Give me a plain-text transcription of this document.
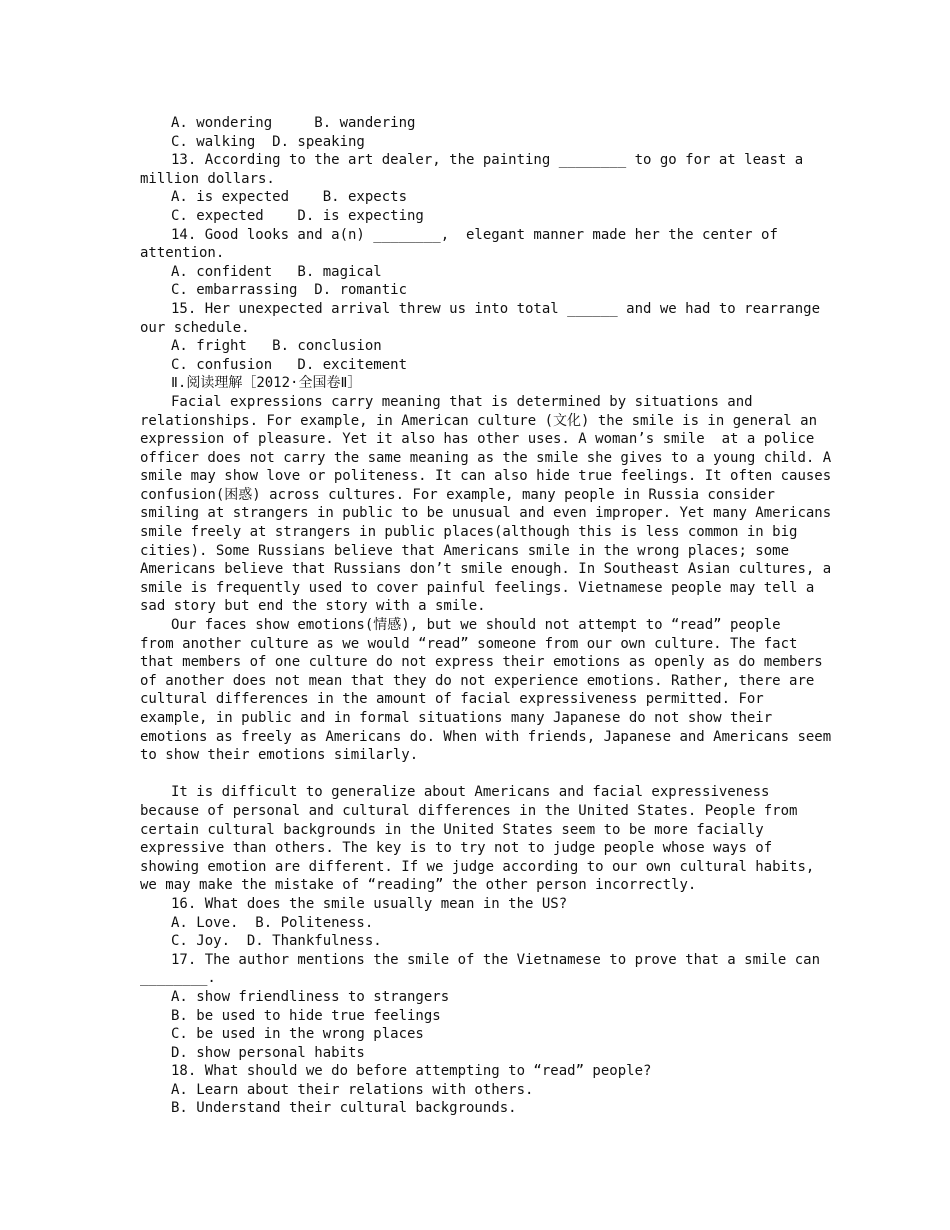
A. wondering     B. wandering
C. walking  D. speaking
13. According to the art dealer, the painting ________ to go for at least a
million dollars.
A. is expected    B. expects
C. expected    D. is expecting
14. Good looks and a(n) ________,  elegant manner made her the center of
attention.
A. confident   B. magical
C. embarrassing  D. romantic
15. Her unexpected arrival threw us into total ______ and we had to rearrange
our schedule.
A. fright   B. conclusion
C. confusion   D. excitement
Ⅱ.阅读理解［2012·全国卷Ⅱ］
Facial expressions carry meaning that is determined by situations and
relationships. For example, in American culture (文化) the smile is in general an
expression of pleasure. Yet it also has other uses. A woman’s smile  at a police
officer does not carry the same meaning as the smile she gives to a young child. A
smile may show love or politeness. It can also hide true feelings. It often causes
confusion(困惑) across cultures. For example, many people in Russia consider
smiling at strangers in public to be unusual and even improper. Yet many Americans
smile freely at strangers in public places(although this is less common in big
cities). Some Russians believe that Americans smile in the wrong places; some
Americans believe that Russians don’t smile enough. In Southeast Asian cultures, a
smile is frequently used to cover painful feelings. Vietnamese people may tell a
sad story but end the story with a smile.
Our faces show emotions(情感), but we should not attempt to “read” people
from another culture as we would “read” someone from our own culture. The fact
that members of one culture do not express their emotions as openly as do members
of another does not mean that they do not experience emotions. Rather, there are
cultural differences in the amount of facial expressiveness permitted. For
example, in public and in formal situations many Japanese do not show their
emotions as freely as Americans do. When with friends, Japanese and Americans seem
to show their emotions similarly.
It is difficult to generalize about Americans and facial expressiveness
because of personal and cultural differences in the United States. People from
certain cultural backgrounds in the United States seem to be more facially
expressive than others. The key is to try not to judge people whose ways of
showing emotion are different. If we judge according to our own cultural habits,
we may make the mistake of “reading” the other person incorrectly.
16. What does the smile usually mean in the US?
A. Love.  B. Politeness.
C. Joy.  D. Thankfulness.
17. The author mentions the smile of the Vietnamese to prove that a smile can
________.
A. show friendliness to strangers
B. be used to hide true feelings
C. be used in the wrong places
D. show personal habits
18. What should we do before attempting to “read” people?
A. Learn about their relations with others.
B. Understand their cultural backgrounds.
